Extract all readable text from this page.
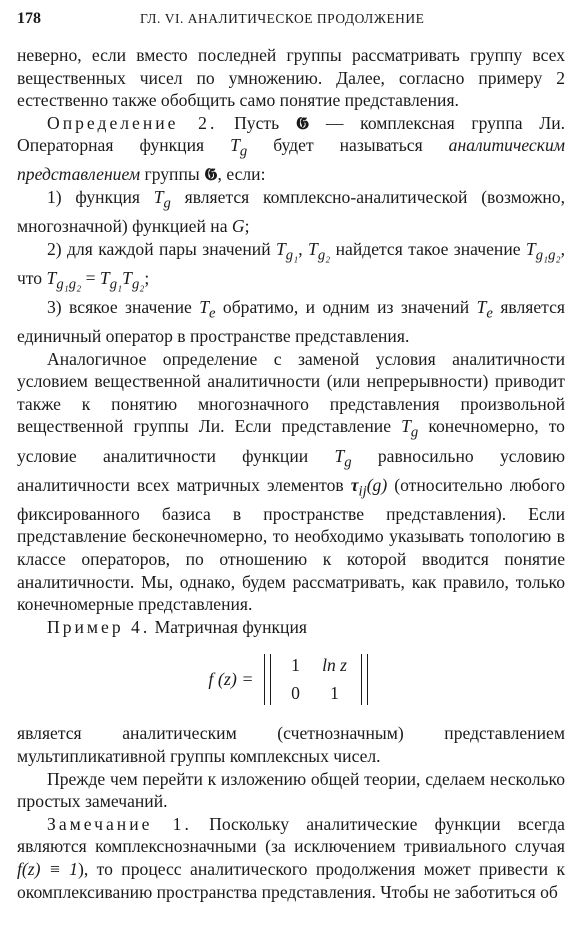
178	ГЛ. VI. АНАЛИТИЧЕСКОЕ ПРОДОЛЖЕНИЕ

неверно, если вместо последней группы рассматривать группу всех вещественных чисел по умножению. Далее, согласно примеру 2 естественно также обобщить само понятие представления.

Определение 2. Пусть 𝕲 — комплексная группа Ли. Операторная функция $T_g$ будет называться аналитическим представлением группы 𝕲, если:

1) функция $T_g$ является комплексно-аналитической (возможно, многозначной) функцией на G;

2) для каждой пары значений $T_{g_1}$, $T_{g_2}$ найдется такое значение $T_{g_1g_2}$, что $T_{g_1g_2} = T_{g_1}T_{g_2}$;

3) всякое значение $T_e$ обратимо, и одним из значений $T_e$ является единичный оператор в пространстве представления.

Аналогичное определение с заменой условия аналитичности условием вещественной аналитичности (или непрерывности) приводит также к понятию многозначного представления произвольной вещественной группы Ли. Если представление $T_g$ конечномерно, то условие аналитичности функции $T_g$ равносильно условию аналитичности всех матричных элементов $\tau_{ij}(g)$ (относительно любого фиксированного базиса в пространстве представления). Если представление бесконечномерно, то необходимо указывать топологию в классе операторов, по отношению к которой вводится понятие аналитичности. Мы, однако, будем рассматривать, как правило, только конечномерные представления.

Пример 4. Матричная функция

f (z) =
1	ln z
0	1

является аналитическим (счетнозначным) представлением мультипликативной группы комплексных чисел.

Прежде чем перейти к изложению общей теории, сделаем несколько простых замечаний.

Замечание 1. Поскольку аналитические функции всегда являются комплекснозначными (за исключением тривиального случая f(z) ≡ 1), то процесс аналитического продолжения может привести к окомплексиванию пространства представления. Чтобы не заботиться об
